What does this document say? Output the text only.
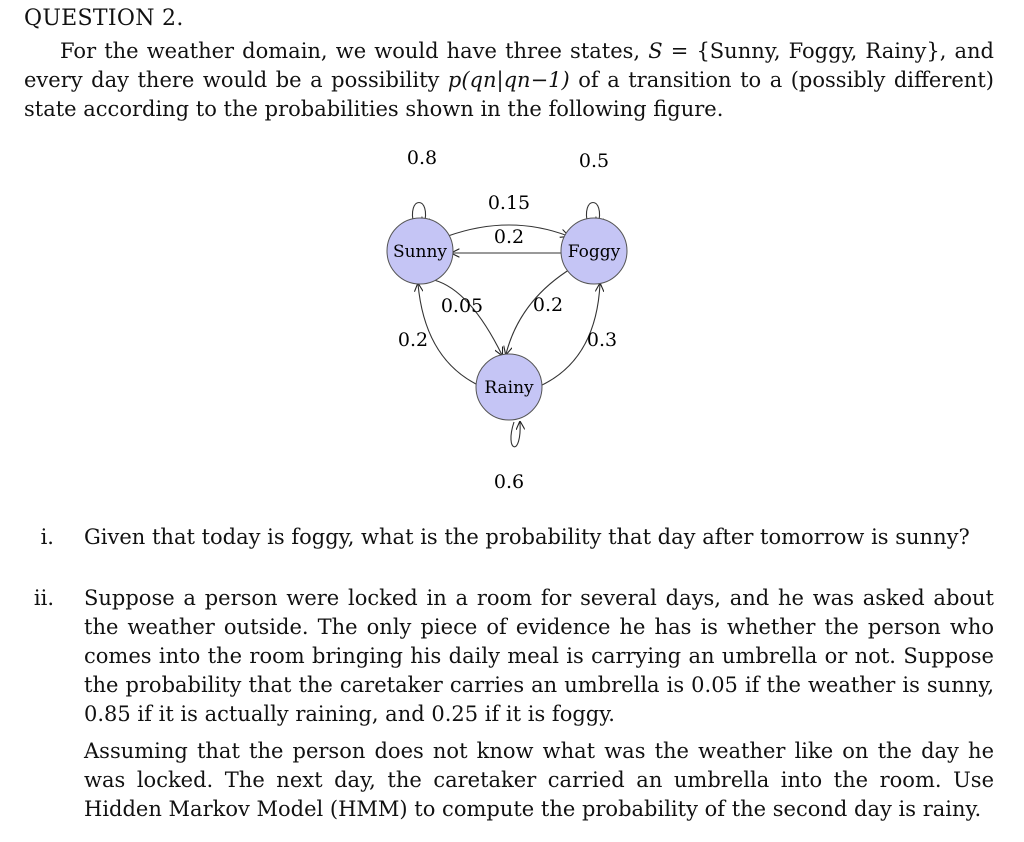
QUESTION 2.
For the weather domain, we would have three states, S = {Sunny, Foggy, Rainy}, and every day there would be a possibility p(qn|qn−1) of a transition to a (possibly different) state according to the probabilities shown in the following figure.
Sunny	Foggy
Rainy
0.8	0.5
0.6
0.15
0.2
0.05	0.2
0.2	0.3
i. Given that today is foggy, what is the probability that day after tomorrow is sunny?
ii. Suppose a person were locked in a room for several days, and he was asked about the weather outside. The only piece of evidence he has is whether the person who comes into the room bringing his daily meal is carrying an umbrella or not. Suppose the probability that the caretaker carries an umbrella is 0.05 if the weather is sunny, 0.85 if it is actually raining, and 0.25 if it is foggy.
Assuming that the person does not know what was the weather like on the day he was locked. The next day, the caretaker carried an umbrella into the room. Use Hidden Markov Model (HMM) to compute the probability of the second day is rainy.
